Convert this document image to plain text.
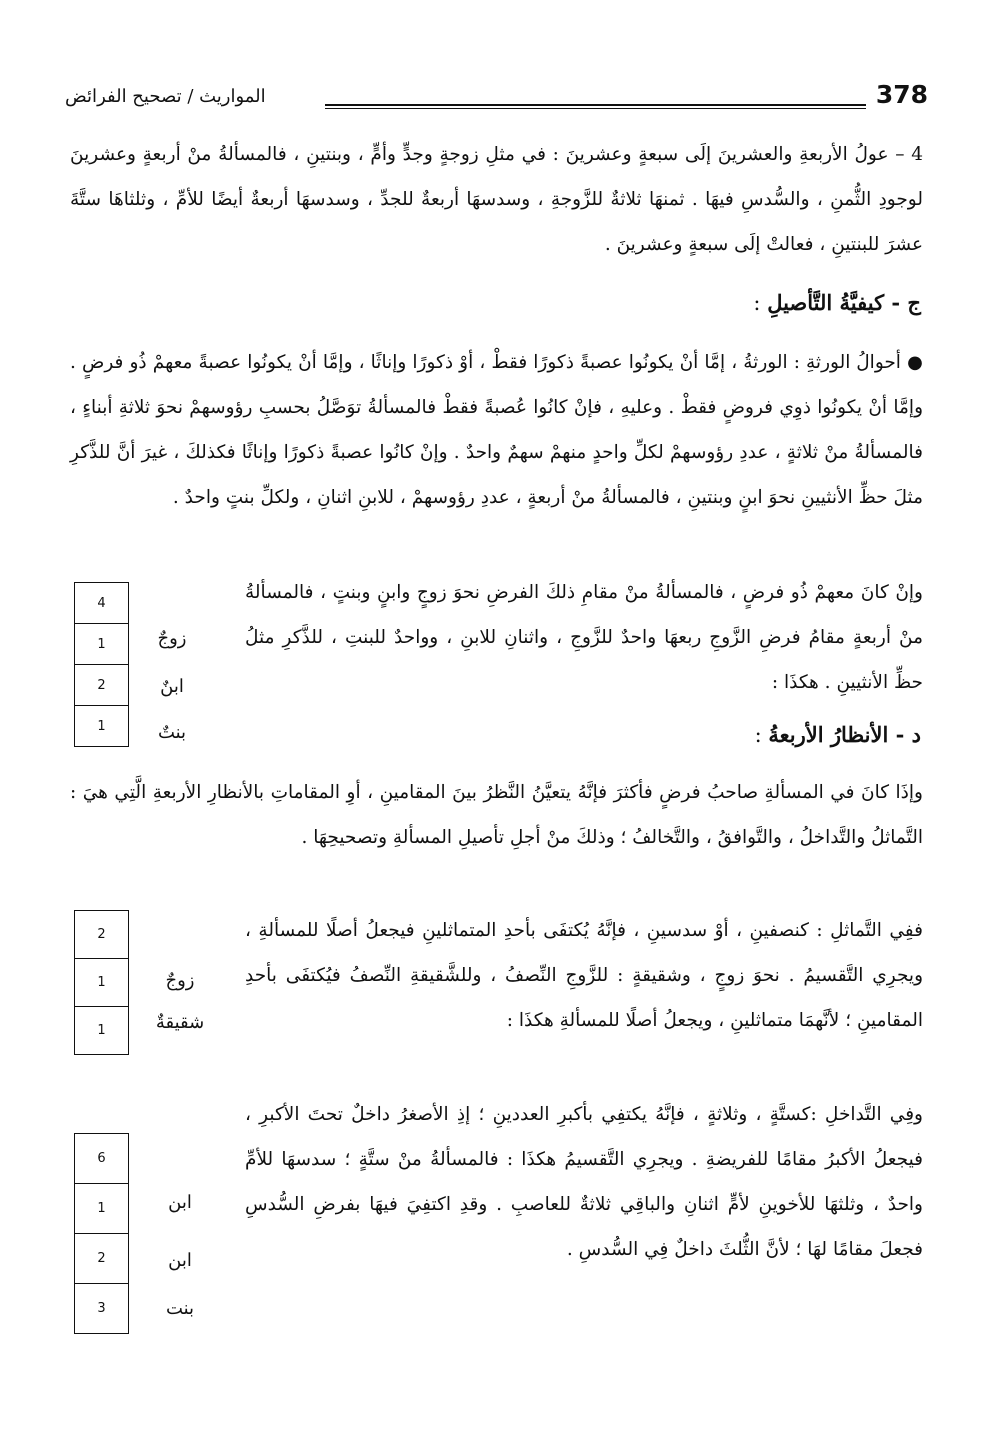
378
المواريث / تصحيح الفرائض

4 – عولُ الأربعةِ والعشرينَ إلَى سبعةٍ وعشرينَ : في مثلِ زوجةٍ وجدٍّ وأمٍّ ، وبنتينِ ، فالمسألةُ منْ أربعةٍ وعشرينَ لوجودِ الثُّمنِ ، والسُّدسِ فيهَا . ثمنهَا ثلاثةٌ للزَّوجةِ ، وسدسهَا أربعةٌ للجدِّ ، وسدسهَا أربعةٌ أيضًا للأمِّ ، وثلثاهَا ستَّةَ عشرَ للبنتينِ ، فعالتْ إلَى سبعةٍ وعشرينَ .

ج - كيفيَّةُ التَّأصيلِ :

● أحوالُ الورثةِ : الورثةُ ، إمَّا أنْ يكونُوا عصبةً ذكورًا فقطْ ، أوْ ذكورًا وإناثًا ، وإمَّا أنْ يكونُوا عصبةً معهمْ ذُو فرضٍ . وإمَّا أنْ يكونُوا ذوِي فروضٍ فقطْ . وعليهِ ، فإنْ كانُوا عُصبةً فقطْ فالمسألةُ توَصَّلُ بحسبِ رؤوسهمْ نحوَ ثلاثةِ أبناءٍ ، فالمسألةُ منْ ثلاثةٍ ، عددِ رؤوسهمْ لكلِّ واحدٍ منهمْ سهمٌ واحدٌ . وإنْ كانُوا عصبةً ذكورًا وإناثًا فكذلكَ ، غيرَ أنَّ للذَّكرِ مثلَ حظِّ الأنثيينِ نحوَ ابنٍ وبنتينِ ، فالمسألةُ منْ أربعةٍ ، عددِ رؤوسهمْ ، للابنِ اثنانِ ، ولكلِّ بنتٍ واحدٌ .

وإنْ كانَ معهمْ ذُو فرضٍ ، فالمسألةُ منْ مقامِ ذلكَ الفرضِ نحوَ زوجٍ وابنٍ وبنتٍ ، فالمسألةُ منْ أربعةٍ مقامُ فرضِ الزَّوجِ ربعهَا واحدٌ للزَّوجِ ، واثنانِ للابنِ ، وواحدٌ للبنتِ ، للذَّكرِ مثلُ حظِّ الأنثيينِ . هكذَا :

4
1
2
1
زوجٌ
ابنٌ
بنتٌ	د - الأنظارُ الأربعةُ :

وإذَا كانَ في المسألةِ صاحبُ فرضٍ فأكثرَ فإنَّهُ يتعيَّنُ النَّظرُ بينَ المقامينِ ، أوِ المقاماتِ بالأنظارِ الأربعةِ الَّتِي هيَ : التَّماثلُ والتَّداخلُ ، والتَّوافقُ ، والتَّخالفُ ؛ وذلكَ منْ أجلِ تأصيلِ المسألةِ وتصحيحِهَا .

ففِي التَّماثلِ : كنصفينِ ، أوْ سدسينِ ، فإنَّهُ يُكتفَى بأحدِ المتماثلينِ فيجعلُ أصلًا للمسألةِ ، ويجرِي التَّقسيمُ . نحوَ زوجٍ ، وشقيقةٍ : للزَّوجِ النِّصفُ ، وللشَّقيقةِ النِّصفُ فيُكتفَى بأحدِ المقامينِ ؛ لأنَّهمَا متماثلينِ ، ويجعلُ أصلًا للمسألةِ هكذَا :

2
1
1
زوجٌ
شقيقةٌ

وفِي التَّداخلِ :كستَّةٍ ، وثلاثةٍ ، فإنَّهُ يكتفِي بأكبرِ العددينِ ؛ إذِ الأصغرُ داخلٌ تحتَ الأكبرِ ، فيجعلُ الأكبرُ مقامًا للفريضةِ . ويجرِي التَّقسيمُ هكذَا : فالمسألةُ منْ ستَّةٍ ؛ سدسهَا للأمِّ واحدٌ ، وثلثهَا للأخوينِ لأمٍّ اثنانِ والباقِي ثلاثةٌ للعاصبِ . وقدِ اكتفِيَ فيهَا بفرضِ السُّدسِ فجعلَ مقامًا لهَا ؛ لأنَّ الثُّلثَ داخلٌ فِي السُّدسِ .

6
1
2
3
ابن
ابن
بنت
